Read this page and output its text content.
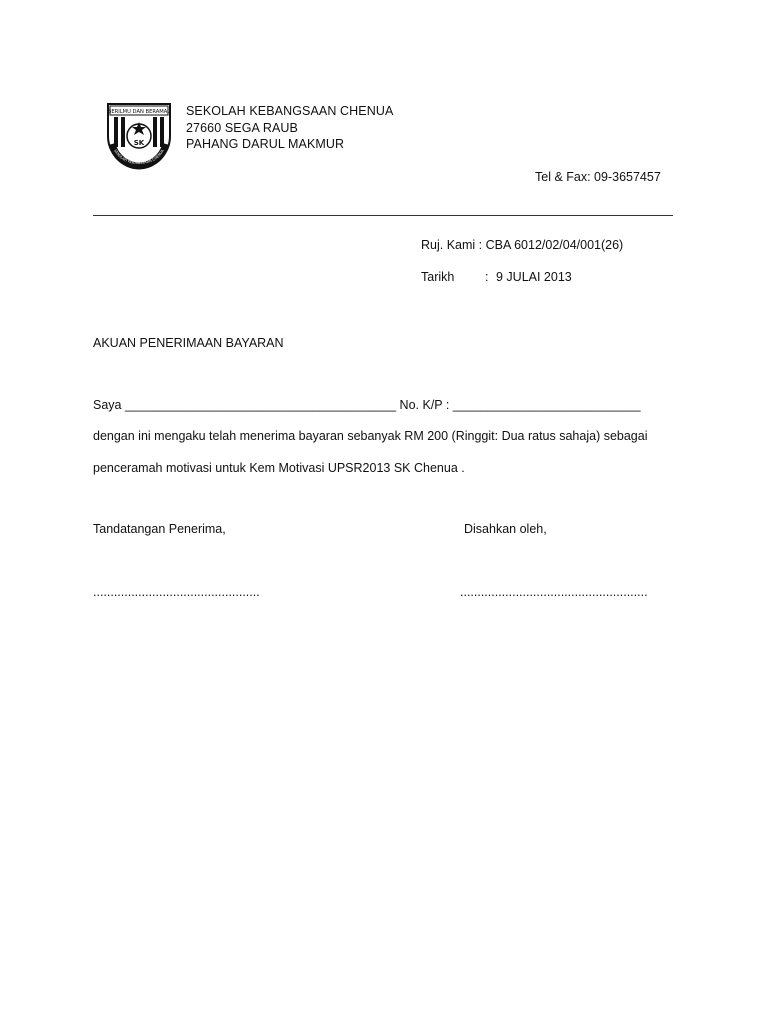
BERILMU DAN BERAMAL
SK
SEKOLAH KEBANGSAAN CHENUA
SEKOLAH KEBANGSAAN CHENUA
27660 SEGA RAUB
PAHANG DARUL MAKMUR
Tel & Fax: 09-3657457
Ruj. Kami : CBA 6012/02/04/001(26)
Tarikh : 9 JULAI 2013
AKUAN PENERIMAAN BAYARAN
Saya _______________________________________ No. K/P : ___________________________
dengan ini mengaku telah menerima bayaran sebanyak RM 200 (Ringgit: Dua ratus sahaja) sebagai
penceramah motivasi untuk Kem Motivasi UPSR2013 SK Chenua .
Tandatangan Penerima,	Disahkan oleh,
................................................	......................................................
